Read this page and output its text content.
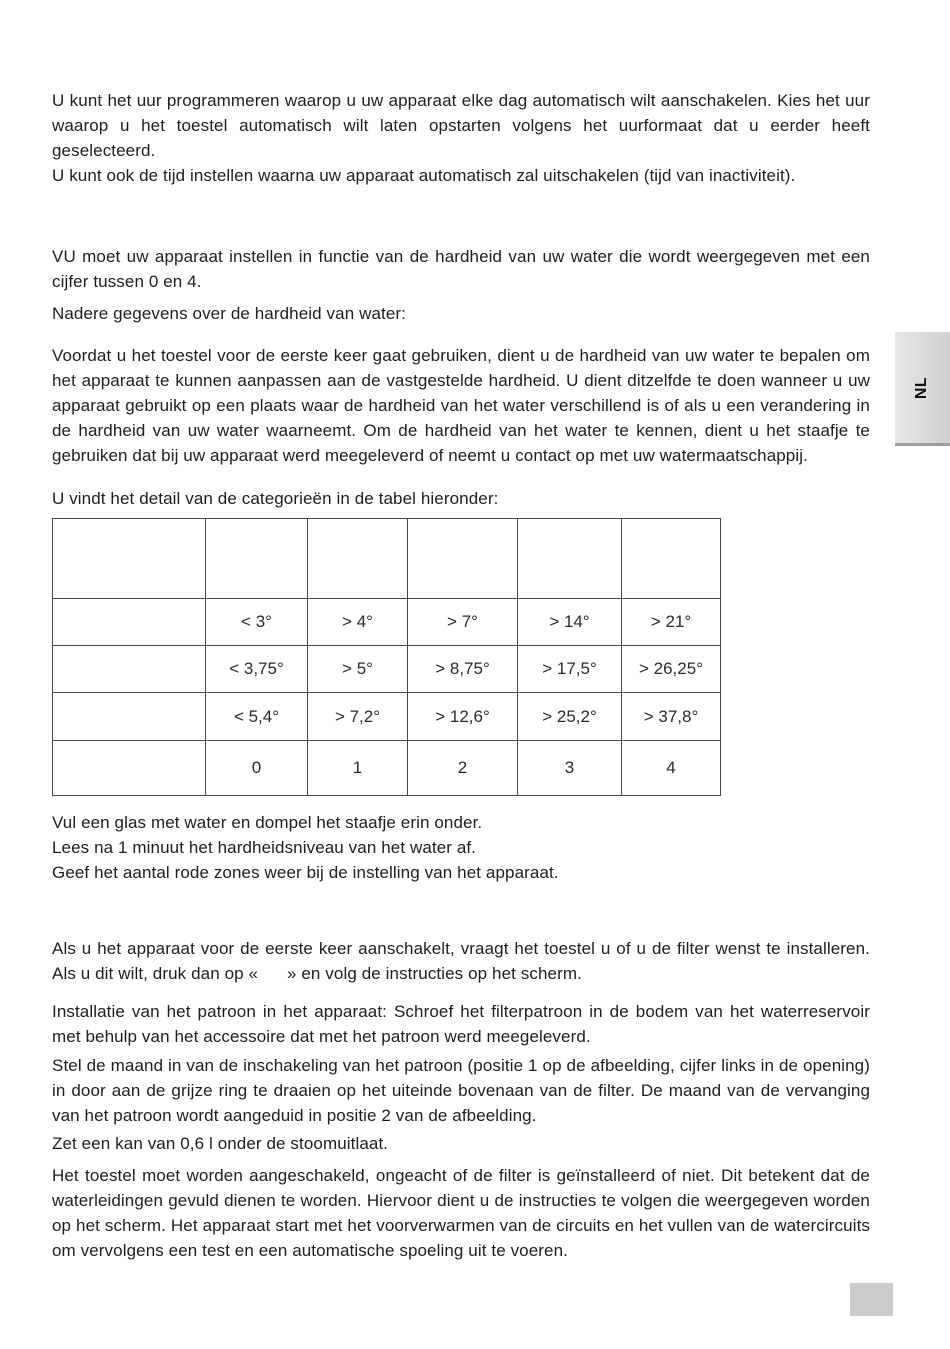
NL

U kunt het uur programmeren waarop u uw apparaat elke dag automatisch wilt aanschakelen. Kies het uur waarop u het toestel automatisch wilt laten opstarten volgens het uurformaat dat u eerder heeft geselecteerd.

U kunt ook de tijd instellen waarna uw apparaat automatisch zal uitschakelen (tijd van inactiviteit).

VU moet uw apparaat instellen in functie van de hardheid van uw water die wordt weergegeven met een cijfer tussen 0 en 4.

Nadere gegevens over de hardheid van water:

Voordat u het toestel voor de eerste keer gaat gebruiken, dient u de hardheid van uw water te bepalen om het apparaat te kunnen aanpassen aan de vastgestelde hardheid. U dient ditzelfde te doen wanneer u uw apparaat gebruikt op een plaats waar de hardheid van het water verschillend is of als u een verandering in de hardheid van uw water waarneemt. Om de hardheid van het water te kennen, dient u het staafje te gebruiken dat bij uw apparaat werd meegeleverd of neemt u contact op met uw watermaatschappij.

U vindt het detail van de categorieën in de tabel hieronder:

	< 3°	> 4°	> 7°	> 14°	> 21°
	< 3,75°	> 5°	> 8,75°	> 17,5°	> 26,25°
	< 5,4°	> 7,2°	> 12,6°	> 25,2°	> 37,8°
	0	1	2	3	4

Vul een glas met water en dompel het staafje erin onder.

Lees na 1 minuut het hardheidsniveau van het water af.

Geef het aantal rode zones weer bij de instelling van het apparaat.

Als u het apparaat voor de eerste keer aanschakelt, vraagt het toestel u of u de filter wenst te installeren. Als u dit wilt, druk dan op «      » en volg de instructies op het scherm.

Installatie van het patroon in het apparaat: Schroef het filterpatroon in de bodem van het waterreservoir met behulp van het accessoire dat met het patroon werd meegeleverd.

Stel de maand in van de inschakeling van het patroon (positie 1 op de afbeelding, cijfer links in de opening) in door aan de grijze ring te draaien op het uiteinde bovenaan van de filter. De maand van de vervanging van het patroon wordt aangeduid in positie 2 van de afbeelding.

Zet een kan van 0,6 l onder de stoomuitlaat.

Het toestel moet worden aangeschakeld, ongeacht of de filter is geïnstalleerd of niet. Dit betekent dat de waterleidingen gevuld dienen te worden. Hiervoor dient u de instructies te volgen die weergegeven worden op het scherm. Het apparaat start met het voorverwarmen van de circuits en het vullen van de watercircuits om vervolgens een test en een automatische spoeling uit te voeren.
